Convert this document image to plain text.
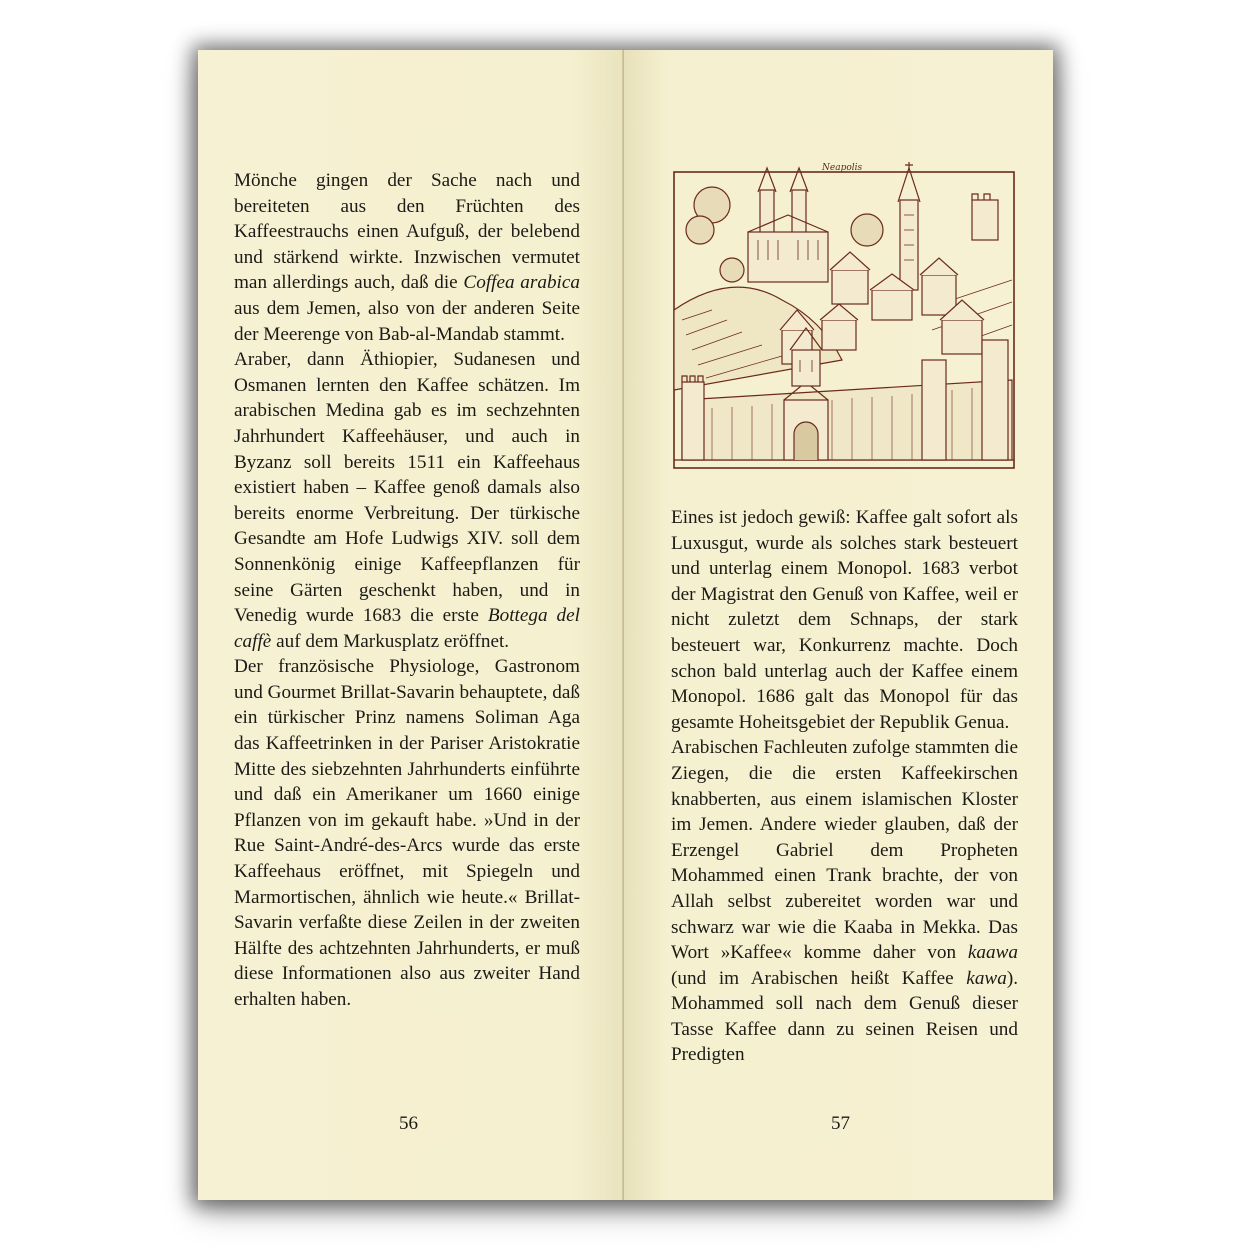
Mönche gingen der Sache nach und bereiteten aus den Früchten des Kaffeestrauchs einen Aufguß, der belebend und stärkend wirkte. Inzwischen vermutet man allerdings auch, daß die Coffea arabica aus dem Jemen, also von der anderen Seite der Meerenge von Bab-al-Mandab stammt.

Araber, dann Äthiopier, Sudanesen und Osmanen lernten den Kaffee schätzen. Im arabischen Medina gab es im sechzehnten Jahrhundert Kaffeehäuser, und auch in Byzanz soll bereits 1511 ein Kaffeehaus existiert haben – Kaffee genoß damals also bereits enorme Verbreitung. Der türkische Gesandte am Hofe Ludwigs XIV. soll dem Sonnenkönig einige Kaffeepflanzen für seine Gärten geschenkt haben, und in Venedig wurde 1683 die erste Bottega del caffè auf dem Markusplatz eröffnet.

Der französische Physiologe, Gastronom und Gourmet Brillat-Savarin behauptete, daß ein türkischer Prinz namens Soliman Aga das Kaffeetrinken in der Pariser Aristokratie Mitte des siebzehnten Jahrhunderts einführte und daß ein Amerikaner um 1660 einige Pflanzen von im gekauft habe. »Und in der Rue Saint-André-des-Arcs wurde das erste Kaffeehaus eröffnet, mit Spiegeln und Marmortischen, ähnlich wie heute.« Brillat-Savarin verfaßte diese Zeilen in der zweiten Hälfte des achtzehnten Jahrhunderts, er muß diese Informationen also aus zweiter Hand erhalten haben.

56
Neapolis

Eines ist jedoch gewiß: Kaffee galt sofort als Luxusgut, wurde als solches stark besteuert und unterlag einem Monopol. 1683 verbot der Magistrat den Genuß von Kaffee, weil er nicht zuletzt dem Schnaps, der stark besteuert war, Konkurrenz machte. Doch schon bald unterlag auch der Kaffee einem Monopol. 1686 galt das Monopol für das gesamte Hoheitsgebiet der Republik Genua.

Arabischen Fachleuten zufolge stammten die Ziegen, die die ersten Kaffeekirschen knabberten, aus einem islamischen Kloster im Jemen. Andere wieder glauben, daß der Erzengel Gabriel dem Propheten Mohammed einen Trank brachte, der von Allah selbst zubereitet worden war und schwarz war wie die Kaaba in Mekka. Das Wort »Kaffee« komme daher von kaawa (und im Arabischen heißt Kaffee kawa). Mohammed soll nach dem Genuß dieser Tasse Kaffee dann zu seinen Reisen und Predigten

57
